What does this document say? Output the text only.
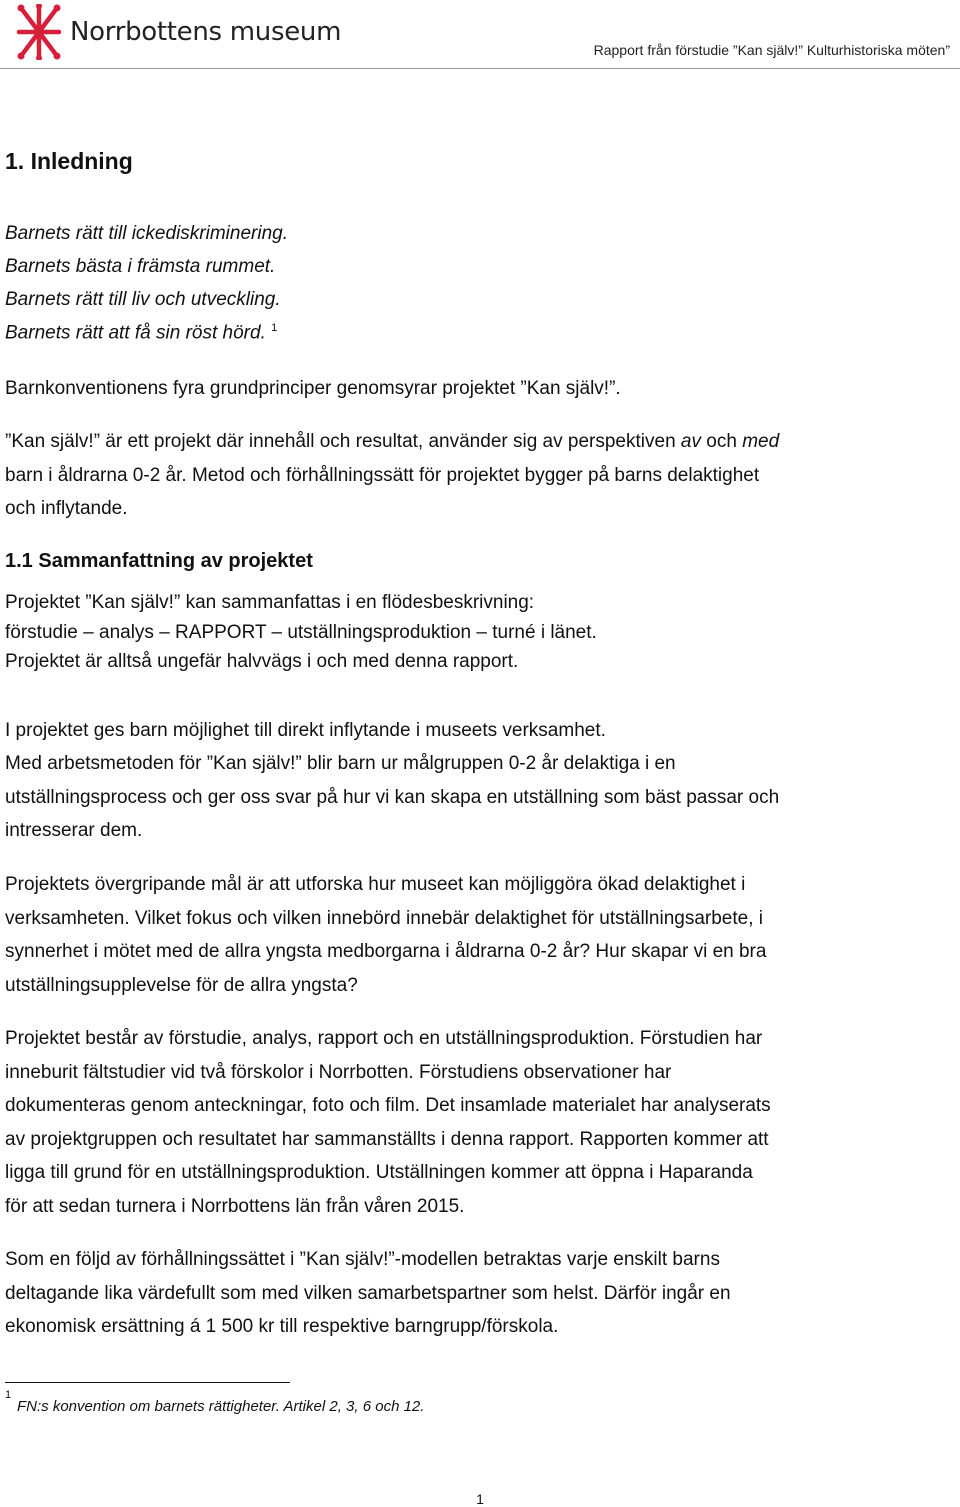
Norrbottens museum
Rapport från förstudie ”Kan själv!” Kulturhistoriska möten”
1. Inledning
Barnets rätt till ickediskriminering.
Barnets bästa i främsta rummet.
Barnets rätt till liv och utveckling.
Barnets rätt att få sin röst hörd. $^1$
Barnkonventionens fyra grundprinciper genomsyrar projektet ”Kan själv!”.
”Kan själv!” är ett projekt där innehåll och resultat, använder sig av perspektiven av och med
barn i åldrarna 0-2 år. Metod och förhållningssätt för projektet bygger på barns delaktighet
och inflytande.
1.1 Sammanfattning av projektet
Projektet ”Kan själv!” kan sammanfattas i en flödesbeskrivning:
förstudie – analys – RAPPORT – utställningsproduktion – turné i länet.
Projektet är alltså ungefär halvvägs i och med denna rapport.
I projektet ges barn möjlighet till direkt inflytande i museets verksamhet.
Med arbetsmetoden för ”Kan själv!” blir barn ur målgruppen 0-2 år delaktiga i en
utställningsprocess och ger oss svar på hur vi kan skapa en utställning som bäst passar och
intresserar dem.
Projektets övergripande mål är att utforska hur museet kan möjliggöra ökad delaktighet i
verksamheten. Vilket fokus och vilken innebörd innebär delaktighet för utställningsarbete, i
synnerhet i mötet med de allra yngsta medborgarna i åldrarna 0-2 år? Hur skapar vi en bra
utställningsupplevelse för de allra yngsta?
Projektet består av förstudie, analys, rapport och en utställningsproduktion. Förstudien har
inneburit fältstudier vid två förskolor i Norrbotten. Förstudiens observationer har
dokumenteras genom anteckningar, foto och film. Det insamlade materialet har analyserats
av projektgruppen och resultatet har sammanställts i denna rapport. Rapporten kommer att
ligga till grund för en utställningsproduktion. Utställningen kommer att öppna i Haparanda
för att sedan turnera i Norrbottens län från våren 2015.
Som en följd av förhållningssättet i ”Kan själv!”-modellen betraktas varje enskilt barns
deltagande lika värdefullt som med vilken samarbetspartner som helst. Därför ingår en
ekonomisk ersättning á 1 500 kr till respektive barngrupp/förskola.
1
FN:s konvention om barnets rättigheter. Artikel 2, 3, 6 och 12.
1
